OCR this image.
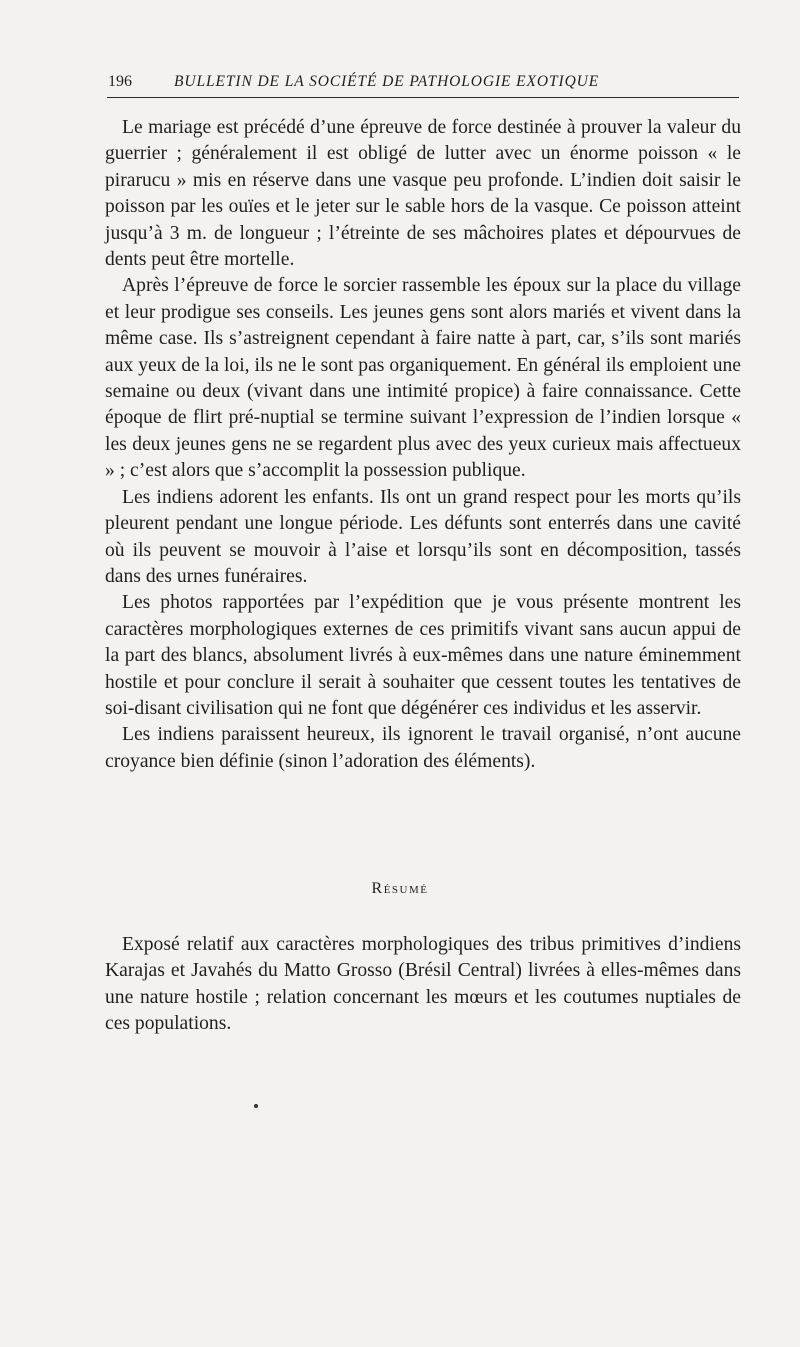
196	BULLETIN DE LA SOCIÉTÉ DE PATHOLOGIE EXOTIQUE

Le mariage est précédé d’une épreuve de force destinée à prouver la valeur du guerrier ; généralement il est obligé de lutter avec un énorme poisson « le pirarucu » mis en réserve dans une vasque peu profonde. L’indien doit saisir le poisson par les ouïes et le jeter sur le sable hors de la vasque. Ce poisson atteint jusqu’à 3 m. de longueur ; l’étreinte de ses mâchoires plates et dépourvues de dents peut être mortelle.

Après l’épreuve de force le sorcier rassemble les époux sur la place du village et leur prodigue ses conseils. Les jeunes gens sont alors mariés et vivent dans la même case. Ils s’astreignent cependant à faire natte à part, car, s’ils sont mariés aux yeux de la loi, ils ne le sont pas organiquement. En général ils emploient une semaine ou deux (vivant dans une intimité propice) à faire connaissance. Cette époque de flirt pré-nuptial se termine suivant l’expression de l’indien lorsque « les deux jeunes gens ne se regardent plus avec des yeux curieux mais affectueux » ; c’est alors que s’accomplit la possession publique.

Les indiens adorent les enfants. Ils ont un grand respect pour les morts qu’ils pleurent pendant une longue période. Les défunts sont enterrés dans une cavité où ils peuvent se mouvoir à l’aise et lorsqu’ils sont en décomposition, tassés dans des urnes funéraires.

Les photos rapportées par l’expédition que je vous présente montrent les caractères morphologiques externes de ces primitifs vivant sans aucun appui de la part des blancs, absolument livrés à eux-mêmes dans une nature éminemment hostile et pour conclure il serait à souhaiter que cessent toutes les tentatives de soi-disant civilisation qui ne font que dégénérer ces individus et les asservir.

Les indiens paraissent heureux, ils ignorent le travail organisé, n’ont aucune croyance bien définie (sinon l’adoration des éléments).

Résumé

Exposé relatif aux caractères morphologiques des tribus primitives d’indiens Karajas et Javahés du Matto Grosso (Brésil Central) livrées à elles-mêmes dans une nature hostile ; relation concernant les mœurs et les coutumes nuptiales de ces populations.
